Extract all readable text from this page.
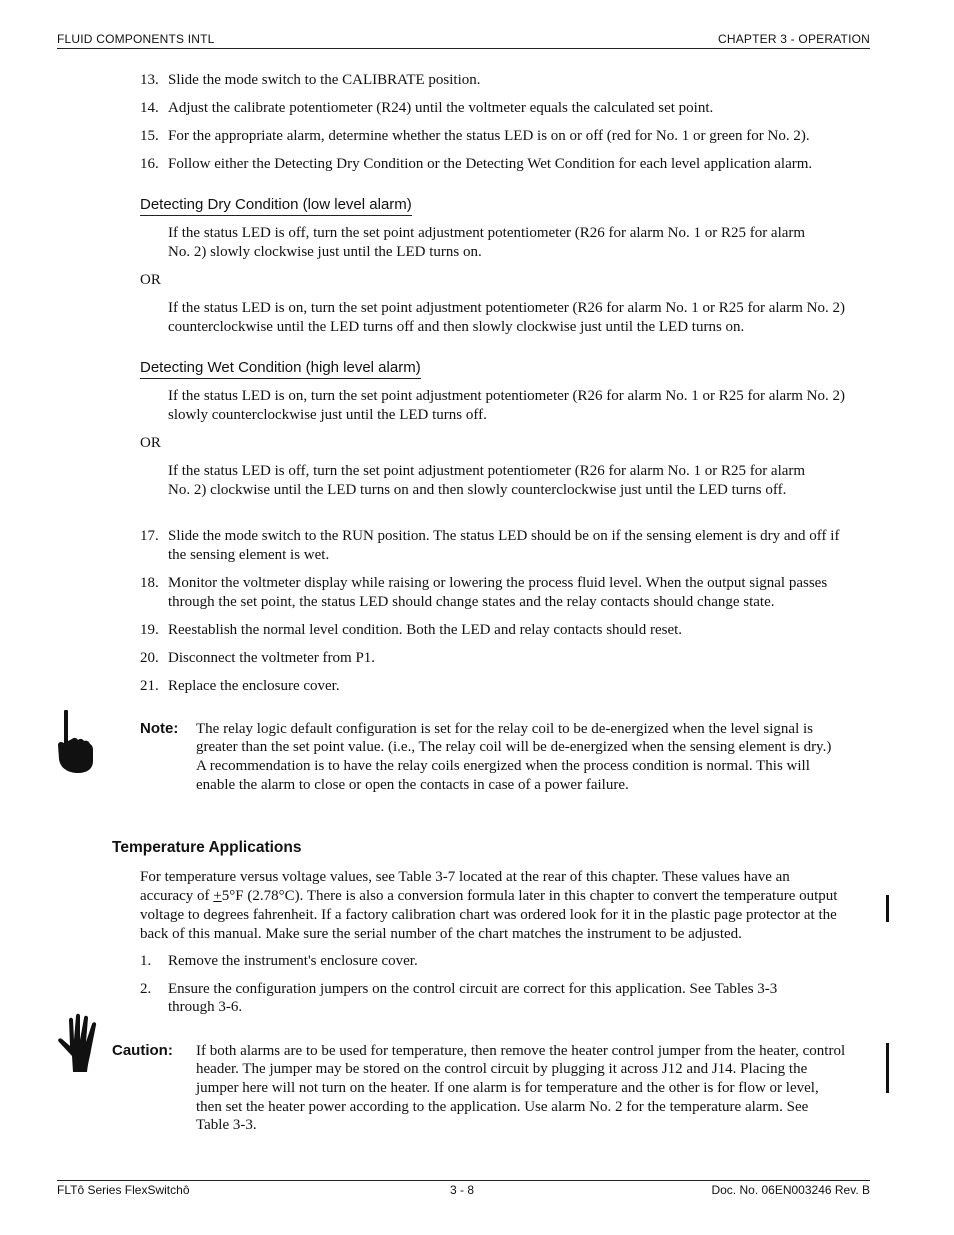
FLUID COMPONENTS INTL	CHAPTER 3 - OPERATION
13. Slide the mode switch to the CALIBRATE position.

14. Adjust the calibrate potentiometer (R24) until the voltmeter equals the calculated set point.

15. For the appropriate alarm, determine whether the status LED is on or off (red for No. 1 or green for No. 2).

16. Follow either the Detecting Dry Condition or the Detecting Wet Condition for each level application alarm.

Detecting Dry Condition (low level alarm)

If the status LED is off, turn the set point adjustment potentiometer (R26 for alarm No. 1 or R25 for alarm

No. 2) slowly clockwise just until the LED turns on.

OR

If the status LED is on, turn the set point adjustment potentiometer (R26 for alarm No. 1 or R25 for alarm No. 2)

counterclockwise until the LED turns off and then slowly clockwise just until the LED turns on.

Detecting Wet Condition (high level alarm)

If the status LED is on, turn the set point adjustment potentiometer (R26 for alarm No. 1 or R25 for alarm No. 2)

slowly counterclockwise just until the LED turns off.

OR

If the status LED is off, turn the set point adjustment potentiometer (R26 for alarm No. 1 or R25 for alarm

No. 2) clockwise until the LED turns on and then slowly counterclockwise just until the LED turns off.

17. Slide the mode switch to the RUN position. The status LED should be on if the sensing element is dry and off if

the sensing element is wet.

18. Monitor the voltmeter display while raising or lowering the process fluid level. When the output signal passes

through the set point, the status LED should change states and the relay contacts should change state.

19. Reestablish the normal level condition. Both the LED and relay contacts should reset.

20. Disconnect the voltmeter from P1.

21. Replace the enclosure cover.

Note: The relay logic default configuration is set for the relay coil to be de-energized when the level signal is

greater than the set point value. (i.e., The relay coil will be de-energized when the sensing element is dry.)

A recommendation is to have the relay coils energized when the process condition is normal. This will

enable the alarm to close or open the contacts in case of a power failure.

Temperature Applications

For temperature versus voltage values, see Table 3-7 located at the rear of this chapter. These values have an

accuracy of +5°F (2.78°C). There is also a conversion formula later in this chapter to convert the temperature output

voltage to degrees fahrenheit. If a factory calibration chart was ordered look for it in the plastic page protector at the

back of this manual. Make sure the serial number of the chart matches the instrument to be adjusted.

1. Remove the instrument's enclosure cover.

2. Ensure the configuration jumpers on the control circuit are correct for this application. See Tables 3-3

through 3-6.

Caution: If both alarms are to be used for temperature, then remove the heater control jumper from the heater, control

header. The jumper may be stored on the control circuit by plugging it across J12 and J14. Placing the

jumper here will not turn on the heater. If one alarm is for temperature and the other is for flow or level,

then set the heater power according to the application. Use alarm No. 2 for the temperature alarm. See

Table 3-3.

FLTô Series FlexSwitchô	3 - 8	Doc. No. 06EN003246 Rev. B
